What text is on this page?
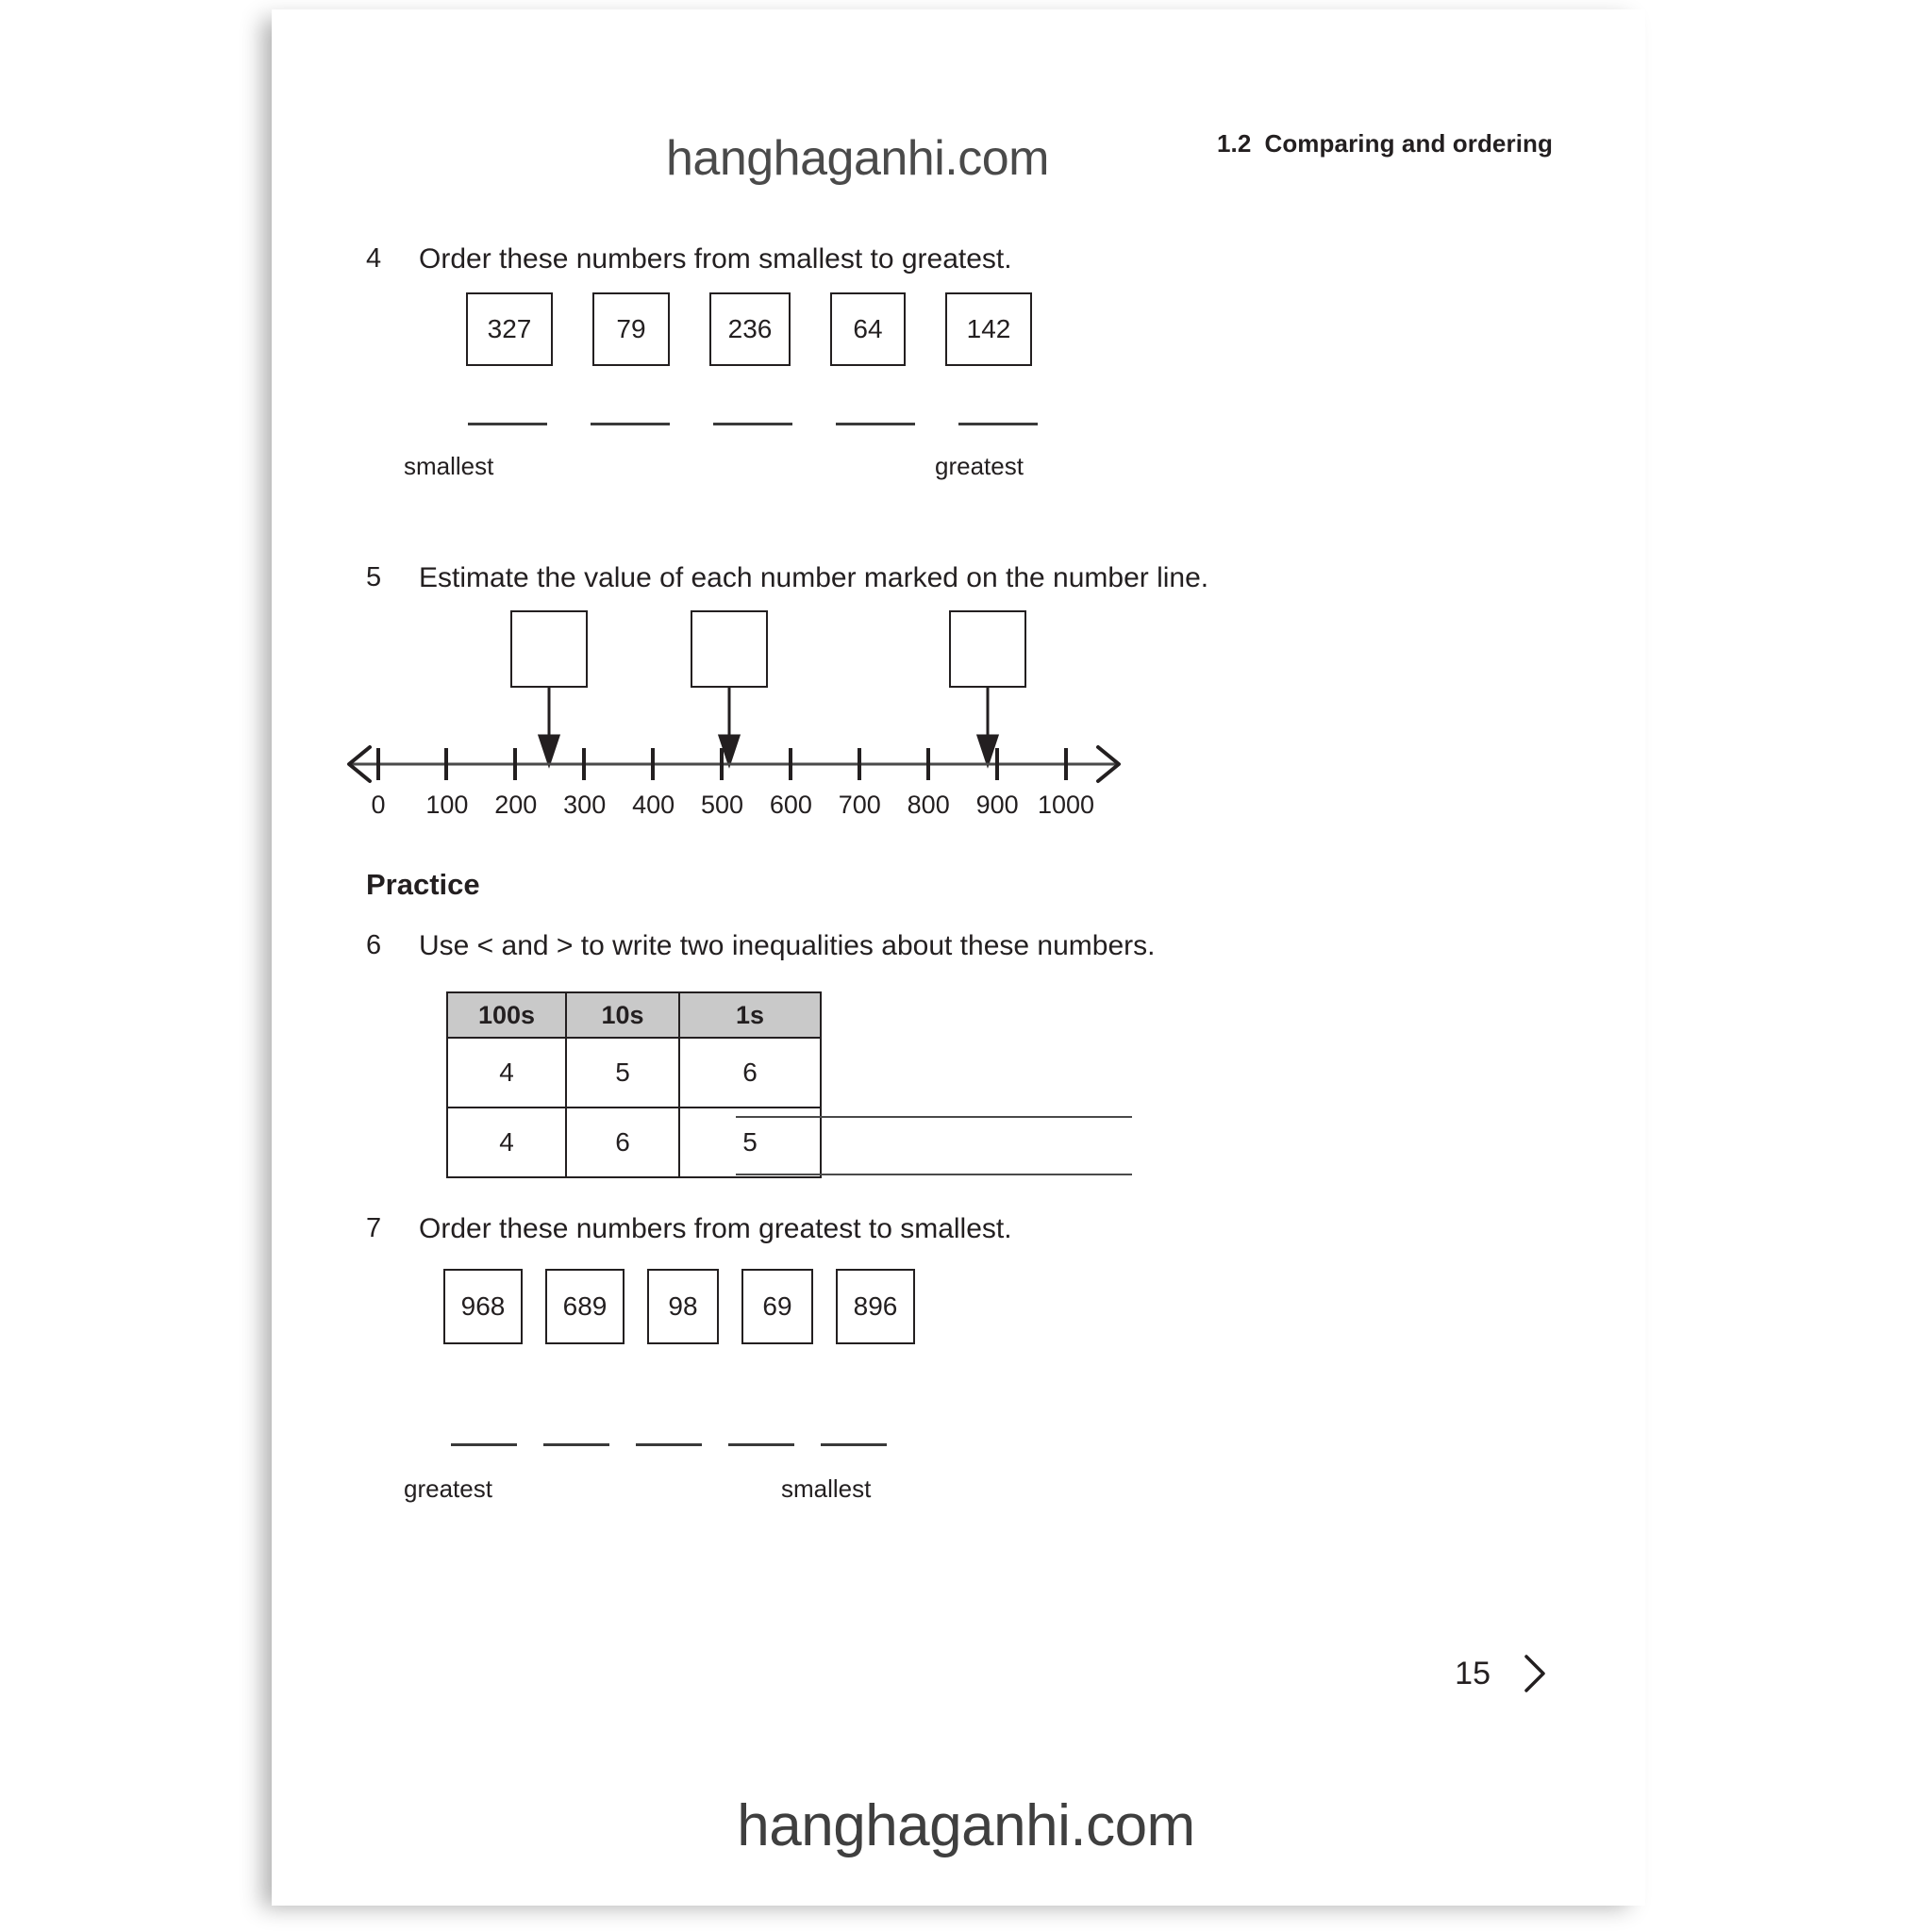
1.2 Comparing and ordering
hanghaganhi.com
4	Order these numbers from smallest to greatest.
327	79	236	64	142
smallest	greatest
5	Estimate the value of each number marked on the number line.
0 100 200 300 400 500 600 700 800 900 1000
Practice
6	Use < and > to write two inequalities about these numbers.
100s	10s	1s
4	5	6
4	6	5
7	Order these numbers from greatest to smallest.
968	689	98	69	896
greatest	smallest
15
hanghaganhi.com
